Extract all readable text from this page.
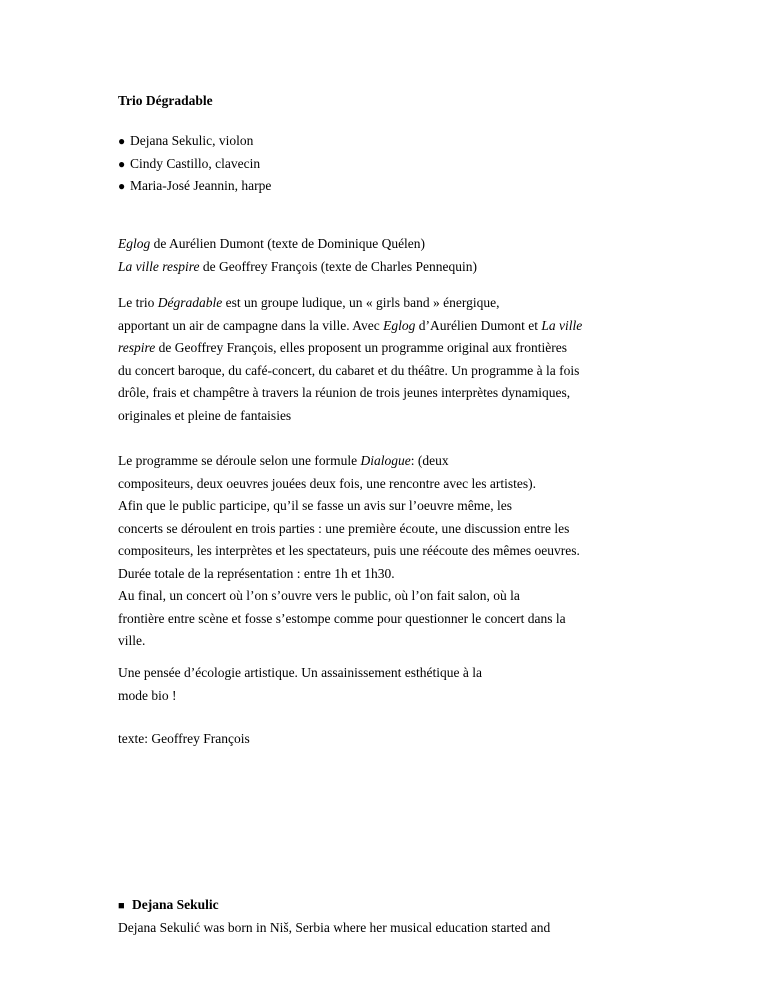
Trio Dégradable
● Dejana Sekulic, violon
● Cindy Castillo, clavecin
● Maria-José Jeannin, harpe
Eglog de Aurélien Dumont (texte de Dominique Quélen)
La ville respire de Geoffrey François (texte de Charles Pennequin)
Le trio Dégradable est un groupe ludique, un « girls band » énergique,
apportant un air de campagne dans la ville. Avec Eglog d’Aurélien Dumont et La ville
respire de Geoffrey François, elles proposent un programme original aux frontières
du concert baroque, du café-concert, du cabaret et du théâtre. Un programme à la fois
drôle, frais et champêtre à travers la réunion de trois jeunes interprètes dynamiques,
originales et pleine de fantaisies
Le programme se déroule selon une formule Dialogue: (deux
compositeurs, deux oeuvres jouées deux fois, une rencontre avec les artistes).
Afin que le public participe, qu’il se fasse un avis sur l’oeuvre même, les
concerts se déroulent en trois parties : une première écoute, une discussion entre les
compositeurs, les interprètes et les spectateurs, puis une réécoute des mêmes oeuvres.
Durée totale de la représentation : entre 1h et 1h30.
Au final, un concert où l’on s’ouvre vers le public, où l’on fait salon, où la
frontière entre scène et fosse s’estompe comme pour questionner le concert dans la
ville.
Une pensée d’écologie artistique. Un assainissement esthétique à la
mode bio !
texte: Geoffrey François
■ Dejana Sekulic
Dejana Sekulić was born in Niš, Serbia where her musical education started and
